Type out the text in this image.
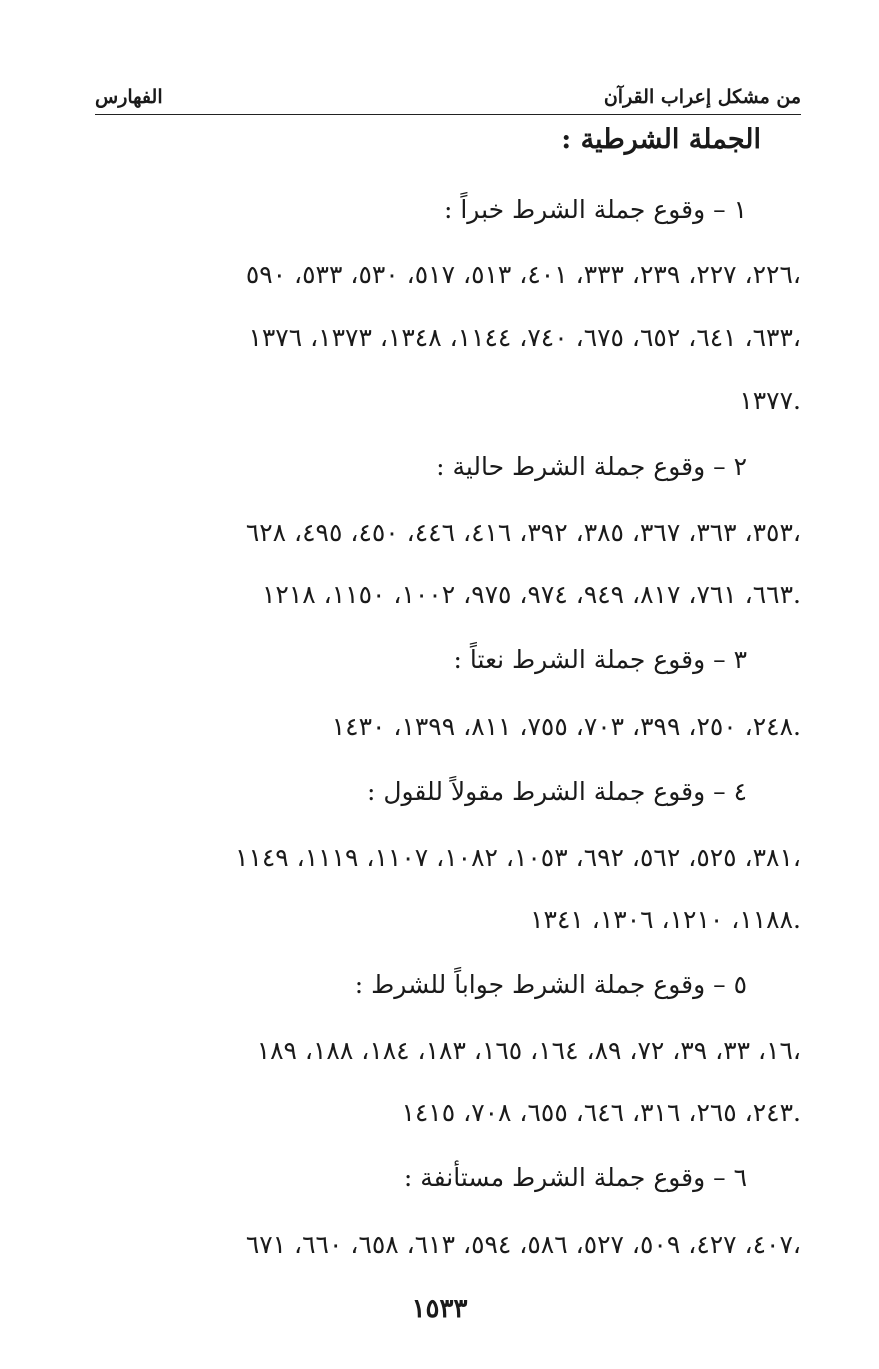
من مشكل إعراب القرآن
الفهارس
الجملة الشرطية :
١ – وقوع جملة الشرط خبراً :
٢٢٦، ٢٢٧، ٢٣٩، ٣٣٣، ٤٠١، ٥١٣، ٥١٧، ٥٣٠، ٥٣٣، ٥٩٠،
٦٣٣، ٦٤١، ٦٥٢، ٦٧٥، ٧٤٠، ١١٤٤، ١٣٤٨، ١٣٧٣، ١٣٧٦،
١٣٧٧.
٢ – وقوع جملة الشرط حالية :
٣٥٣، ٣٦٣، ٣٦٧، ٣٨٥، ٣٩٢، ٤١٦، ٤٤٦، ٤٥٠، ٤٩٥، ٦٢٨،
٦٦٣، ٧٦١، ٨١٧، ٩٤٩، ٩٧٤، ٩٧٥، ١٠٠٢، ١١٥٠، ١٢١٨.
٣ – وقوع جملة الشرط نعتاً :
٢٤٨، ٢٥٠، ٣٩٩، ٧٠٣، ٧٥٥، ٨١١، ١٣٩٩، ١٤٣٠.
٤ – وقوع جملة الشرط مقولاً للقول :
٣٨١، ٥٢٥، ٥٦٢، ٦٩٢، ١٠٥٣، ١٠٨٢، ١١٠٧، ١١١٩، ١١٤٩،
١١٨٨، ١٢١٠، ١٣٠٦، ١٣٤١.
٥ – وقوع جملة الشرط جواباً للشرط :
١٦، ٣٣، ٣٩، ٧٢، ٨٩، ١٦٤، ١٦٥، ١٨٣، ١٨٤، ١٨٨، ١٨٩،
٢٤٣، ٢٦٥، ٣١٦، ٦٤٦، ٦٥٥، ٧٠٨، ١٤١٥.
٦ – وقوع جملة الشرط مستأنفة :
٤٠٧، ٤٢٧، ٥٠٩، ٥٢٧، ٥٨٦، ٥٩٤، ٦١٣، ٦٥٨، ٦٦٠، ٦٧١،
١٥٣٣
